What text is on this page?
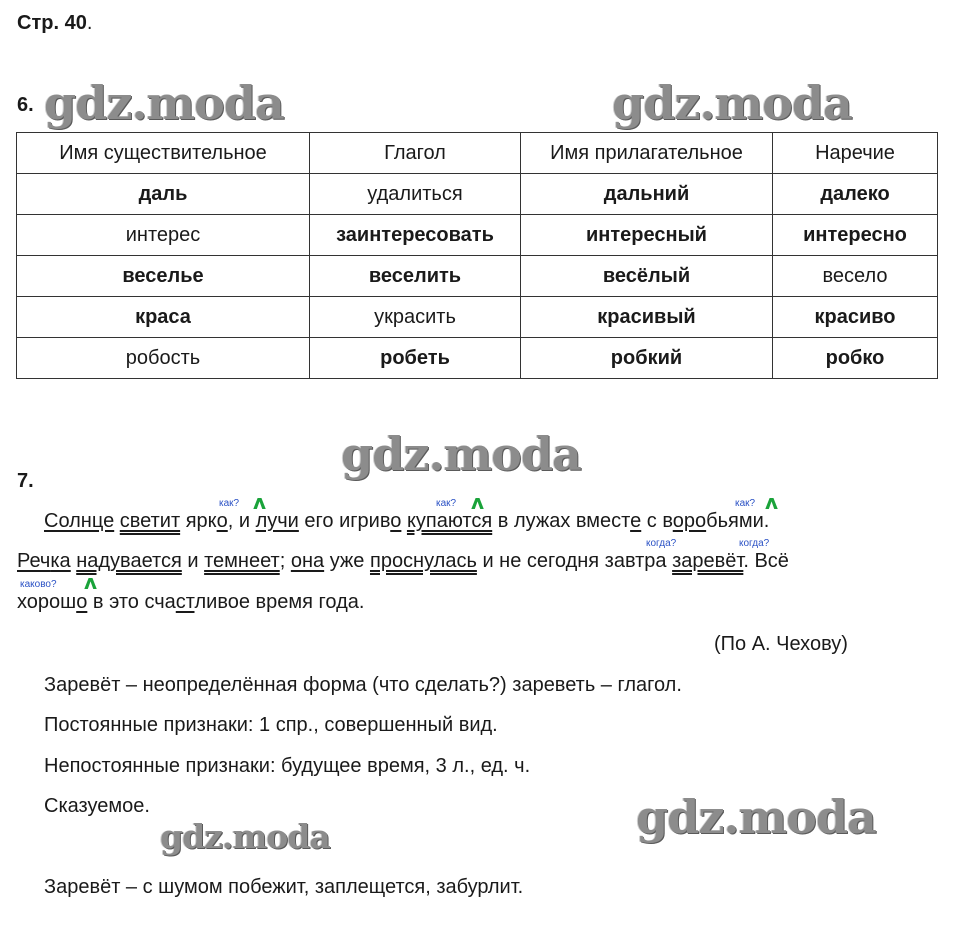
Стр. 40.
gdz.moda	gdz.moda
gdz.moda
gdz.moda
gdz.moda
6.
Имя существительное	Глагол	Имя прилагательное	Наречие
даль	удалиться	дальний	далеко
интерес	заинтересовать	интересный	интересно
веселье	веселить	весёлый	весело
краса	украсить	красивый	красиво
робость	робеть	робкий	робко
7.
как? ʌ	как? ʌ	как? ʌ
когда?	когда?
каково? ʌ
Солнце светит ярко, и лучи его игриво купаются в лужах вместе с воробьями.
Речка надувается и темнеет; она уже проснулась и не сегодня завтра заревёт. Всё
хорошо в это счастливое время года.
(По А. Чехову)
Заревёт – неопределённая форма (что сделать?) зареветь – глагол.
Постоянные признаки: 1 спр., совершенный вид.
Непостоянные признаки: будущее время, 3 л., ед. ч.
Сказуемое.
Заревёт – с шумом побежит, заплещется, забурлит.
